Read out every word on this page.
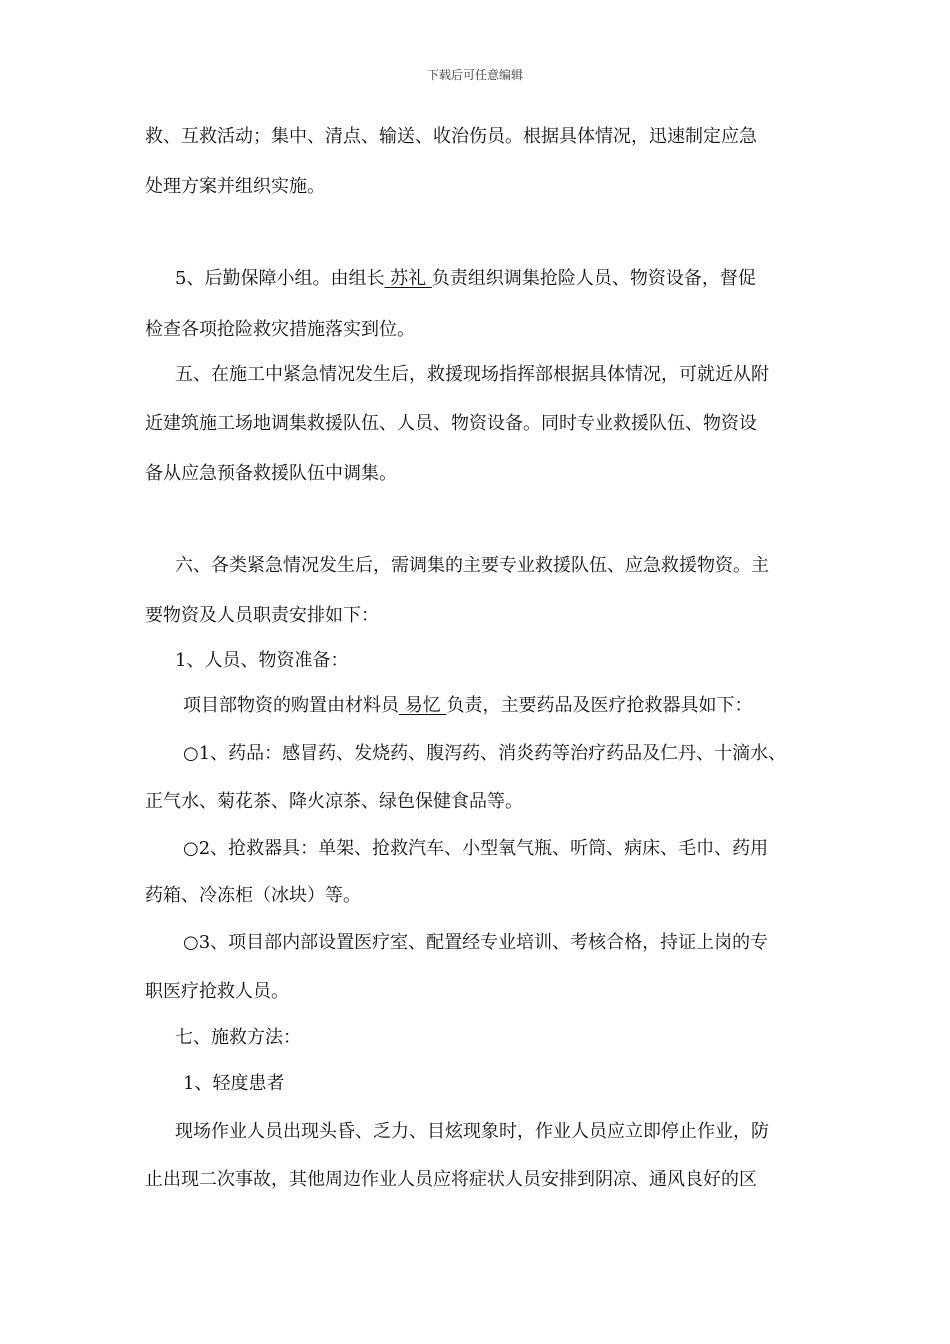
下载后可任意编辑
救、互救活动；集中、清点、输送、收治伤员。根据具体情况，迅速制定应急
处理方案并组织实施。
5、后勤保障小组。由组长 苏礼 负责组织调集抢险人员、物资设备，督促
检查各项抢险救灾措施落实到位。
五、在施工中紧急情况发生后，救援现场指挥部根据具体情况，可就近从附
近建筑施工场地调集救援队伍、人员、物资设备。同时专业救援队伍、物资设
备从应急预备救援队伍中调集。
六、各类紧急情况发生后，需调集的主要专业救援队伍、应急救援物资。主
要物资及人员职责安排如下：
1、人员、物资准备：
项目部物资的购置由材料员 易忆 负责，主要药品及医疗抢救器具如下：
○1、药品：感冒药、发烧药、腹泻药、消炎药等治疗药品及仁丹、十滴水、
正气水、菊花茶、降火凉茶、绿色保健食品等。
○2、抢救器具：单架、抢救汽车、小型氧气瓶、听筒、病床、毛巾、药用
药箱、冷冻柜（冰块）等。
○3、项目部内部设置医疗室、配置经专业培训、考核合格，持证上岗的专
职医疗抢救人员。
七、施救方法：
1、轻度患者
现场作业人员出现头昏、乏力、目炫现象时，作业人员应立即停止作业，防
止出现二次事故，其他周边作业人员应将症状人员安排到阴凉、通风良好的区
